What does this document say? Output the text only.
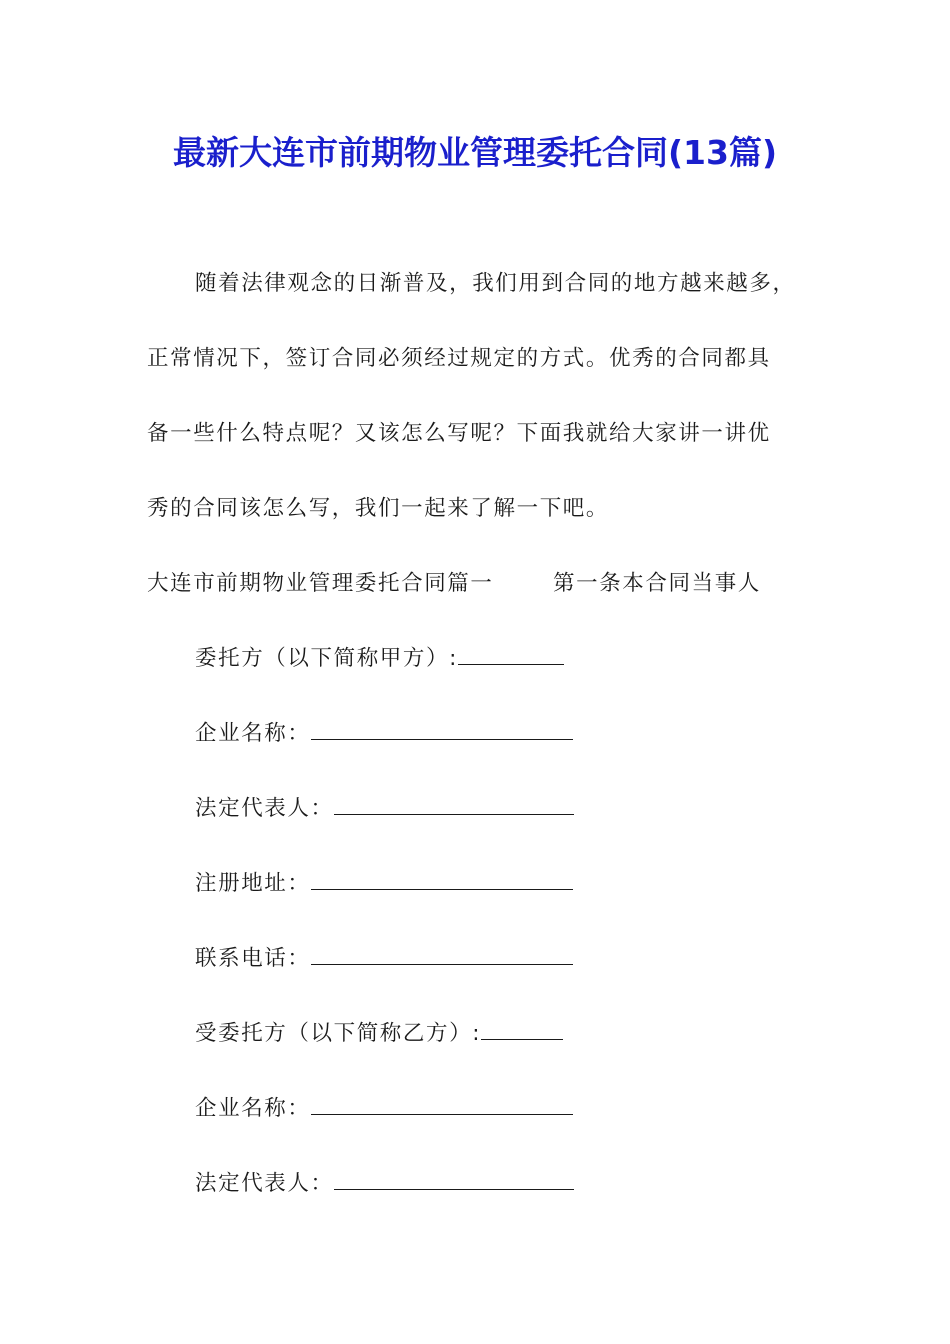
最新大连市前期物业管理委托合同(13篇)
随着法律观念的日渐普及，我们用到合同的地方越来越多，
正常情况下，签订合同必须经过规定的方式。优秀的合同都具
备一些什么特点呢？又该怎么写呢？下面我就给大家讲一讲优
秀的合同该怎么写，我们一起来了解一下吧。
大连市前期物业管理委托合同篇一	第一条本合同当事人
委托方（以下简称甲方）:
企业名称：
法定代表人：
注册地址：
联系电话：
受委托方（以下简称乙方）:
企业名称：
法定代表人：
